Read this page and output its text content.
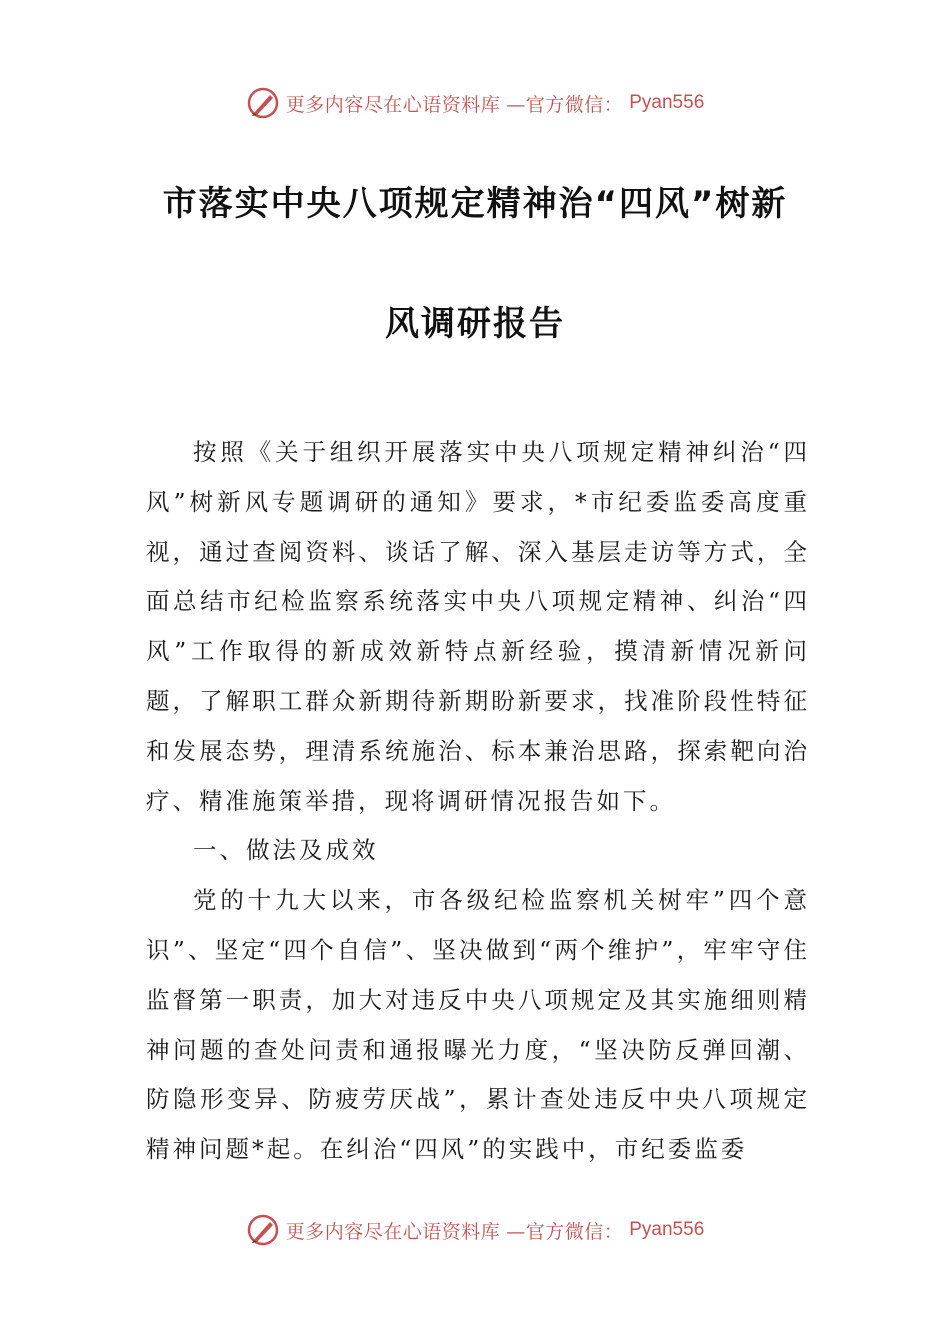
更多内容尽在心语资料库 —官方微信： Pyan556
市落实中央八项规定精神治“四风”树新
风调研报告

按照《关于组织开展落实中央八项规定精神纠治“四风”树新风专题调研的通知》要求，*市纪委监委高度重视，通过查阅资料、谈话了解、深入基层走访等方式，全面总结市纪检监察系统落实中央八项规定精神、纠治“四风”工作取得的新成效新特点新经验，摸清新情况新问题，了解职工群众新期待新期盼新要求，找准阶段性特征和发展态势，理清系统施治、标本兼治思路，探索靶向治疗、精准施策举措，现将调研情况报告如下。

一、做法及成效

党的十九大以来，市各级纪检监察机关树牢”四个意识”、坚定“四个自信”、坚决做到“两个维护”，牢牢守住监督第一职责，加大对违反中央八项规定及其实施细则精神问题的查处问责和通报曝光力度，“坚决防反弹回潮、防隐形变异、防疲劳厌战”，累计查处违反中央八项规定精神问题*起。在纠治“四风”的实践中，市纪委监委

更多内容尽在心语资料库 —官方微信： Pyan556
